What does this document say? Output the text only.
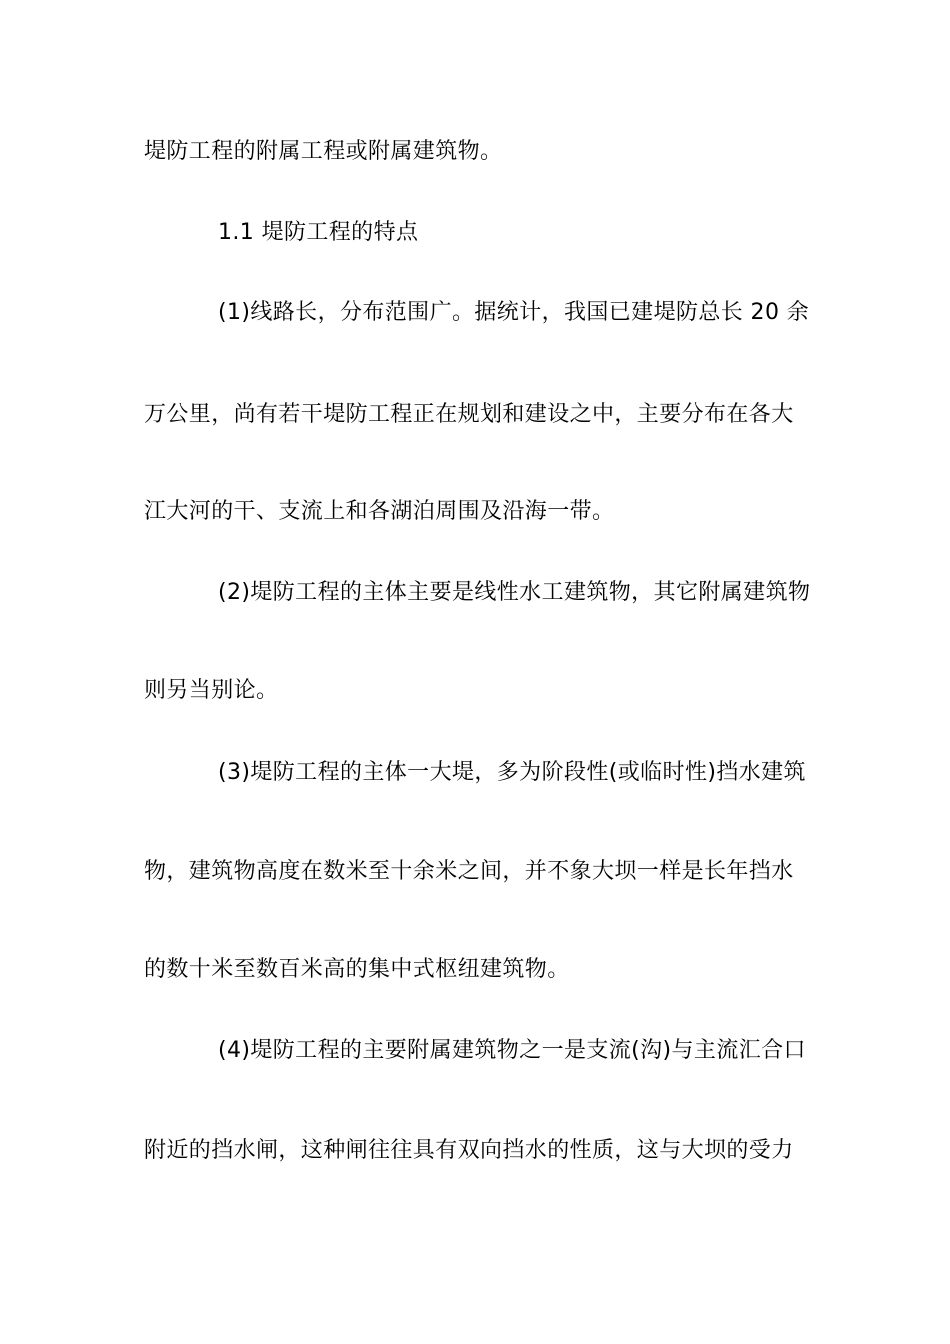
堤防工程的附属工程或附属建筑物。
1.1 堤防工程的特点
(1)线路长，分布范围广。据统计，我国已建堤防总长 20 余
万公里，尚有若干堤防工程正在规划和建设之中，主要分布在各大
江大河的干、支流上和各湖泊周围及沿海一带。
(2)堤防工程的主体主要是线性水工建筑物，其它附属建筑物
则另当别论。
(3)堤防工程的主体一大堤，多为阶段性(或临时性)挡水建筑
物，建筑物高度在数米至十余米之间，并不象大坝一样是长年挡水
的数十米至数百米高的集中式枢纽建筑物。
(4)堤防工程的主要附属建筑物之一是支流(沟)与主流汇合口
附近的挡水闸，这种闸往往具有双向挡水的性质，这与大坝的受力
